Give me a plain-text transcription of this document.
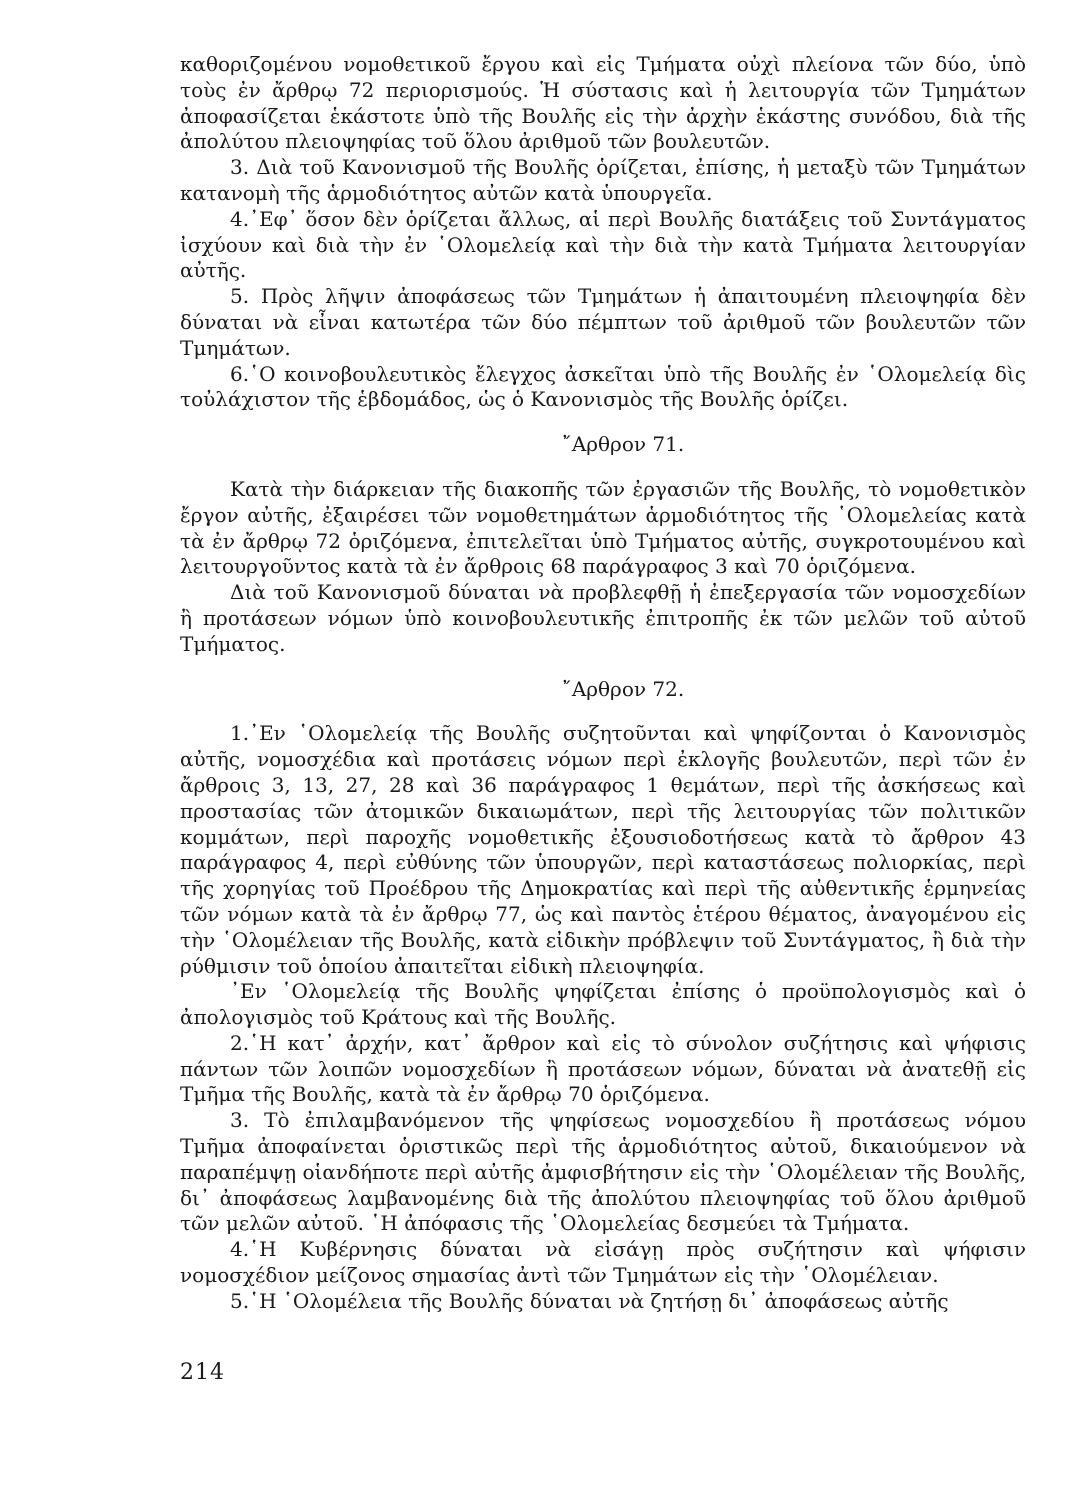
καθοριζομένου νομοθετικοῦ ἔργου καὶ εἰς Τμήματα οὐχὶ πλείονα τῶν δύο, ὑπὸ τοὺς ἐν ἄρθρῳ 72 περιορισμούς. Ἡ σύστασις καὶ ἡ λειτουργία τῶν Τμημάτων ἀποφασίζεται ἑκάστοτε ὑπὸ τῆς Βουλῆς εἰς τὴν ἀρχὴν ἑκάστης συνόδου, διὰ τῆς ἀπολύτου πλειοψηφίας τοῦ ὅλου ἀριθμοῦ τῶν βουλευτῶν.

3. Διὰ τοῦ Κανονισμοῦ τῆς Βουλῆς ὁρίζεται, ἐπίσης, ἡ μεταξὺ τῶν Τμημάτων κατανομὴ τῆς ἁρμοδιότητος αὐτῶν κατὰ ὑπουργεῖα.

4.᾿Εφ᾿ ὅσον δὲν ὁρίζεται ἄλλως, αἱ περὶ Βουλῆς διατάξεις τοῦ Συντάγματος ἰσχύουν καὶ διὰ τὴν ἐν ῾Ολομελείᾳ καὶ τὴν διὰ τὴν κατὰ Τμήματα λειτουργίαν αὐτῆς.

5. Πρὸς λῆψιν ἀποφάσεως τῶν Τμημάτων ἡ ἀπαιτουμένη πλειοψηφία δὲν δύναται νὰ εἶναι κατωτέρα τῶν δύο πέμπτων τοῦ ἀριθμοῦ τῶν βουλευτῶν τῶν Τμημάτων.

6.῾Ο κοινοβουλευτικὸς ἔλεγχος ἀσκεῖται ὑπὸ τῆς Βουλῆς ἐν ῾Ολομελείᾳ δὶς τοὐλάχιστον τῆς ἑβδομάδος, ὡς ὁ Κανονισμὸς τῆς Βουλῆς ὁρίζει.

῎Αρθρον 71.

Κατὰ τὴν διάρκειαν τῆς διακοπῆς τῶν ἐργασιῶν τῆς Βουλῆς, τὸ νομοθετικὸν ἔργον αὐτῆς, ἐξαιρέσει τῶν νομοθετημάτων ἁρμοδιότητος τῆς ῾Ολομελείας κατὰ τὰ ἐν ἄρθρῳ 72 ὁριζόμενα, ἐπιτελεῖται ὑπὸ Τμήματος αὐτῆς, συγκροτουμένου καὶ λειτουργοῦντος κατὰ τὰ ἐν ἄρθροις 68 παράγραφος 3 καὶ 70 ὁριζόμενα.

Διὰ τοῦ Κανονισμοῦ δύναται νὰ προβλεφθῇ ἡ ἐπεξεργασία τῶν νομοσχεδίων ἢ προτάσεων νόμων ὑπὸ κοινοβουλευτικῆς ἐπιτροπῆς ἐκ τῶν μελῶν τοῦ αὐτοῦ Τμήματος.

῎Αρθρον 72.

1.᾿Εν ῾Ολομελείᾳ τῆς Βουλῆς συζητοῦνται καὶ ψηφίζονται ὁ Κανονισμὸς αὐτῆς, νομοσχέδια καὶ προτάσεις νόμων περὶ ἐκλογῆς βουλευτῶν, περὶ τῶν ἐν ἄρθροις 3, 13, 27, 28 καὶ 36 παράγραφος 1 θεμάτων, περὶ τῆς ἀσκήσεως καὶ προστασίας τῶν ἀτομικῶν δικαιωμάτων, περὶ τῆς λειτουργίας τῶν πολιτικῶν κομμάτων, περὶ παροχῆς νομοθετικῆς ἐξουσιοδοτήσεως κατὰ τὸ ἄρθρον 43 παράγραφος 4, περὶ εὐθύνης τῶν ὑπουργῶν, περὶ καταστάσεως πολιορκίας, περὶ τῆς χορηγίας τοῦ Προέδρου τῆς Δημοκρατίας καὶ περὶ τῆς αὐθεντικῆς ἑρμηνείας τῶν νόμων κατὰ τὰ ἐν ἄρθρῳ 77, ὡς καὶ παντὸς ἑτέρου θέματος, ἀναγομένου εἰς τὴν ῾Ολομέλειαν τῆς Βουλῆς, κατὰ εἰδικὴν πρόβλεψιν τοῦ Συντάγματος, ἢ διὰ τὴν ρύθμισιν τοῦ ὁποίου ἀπαιτεῖται εἰδικὴ πλειοψηφία.

᾿Εν ῾Ολομελείᾳ τῆς Βουλῆς ψηφίζεται ἐπίσης ὁ προϋπολογισμὸς καὶ ὁ ἀπολογισμὸς τοῦ Κράτους καὶ τῆς Βουλῆς.

2.῾Η κατ᾿ ἀρχήν, κατ᾿ ἄρθρον καὶ εἰς τὸ σύνολον συζήτησις καὶ ψήφισις πάντων τῶν λοιπῶν νομοσχεδίων ἢ προτάσεων νόμων, δύναται νὰ ἀνατεθῇ εἰς Τμῆμα τῆς Βουλῆς, κατὰ τὰ ἐν ἄρθρῳ 70 ὁριζόμενα.

3. Τὸ ἐπιλαμβανόμενον τῆς ψηφίσεως νομοσχεδίου ἢ προτάσεως νόμου Τμῆμα ἀποφαίνεται ὁριστικῶς περὶ τῆς ἁρμοδιότητος αὐτοῦ, δικαιούμενον νὰ παραπέμψῃ οἱανδήποτε περὶ αὐτῆς ἀμφισβήτησιν εἰς τὴν ῾Ολομέλειαν τῆς Βουλῆς, δι᾿ ἀποφάσεως λαμβανομένης διὰ τῆς ἀπολύτου πλειοψηφίας τοῦ ὅλου ἀριθμοῦ τῶν μελῶν αὐτοῦ. ῾Η ἀπόφασις τῆς ῾Ολομελείας δεσμεύει τὰ Τμήματα.

4.῾Η Κυβέρνησις δύναται νὰ εἰσάγῃ πρὸς συζήτησιν καὶ ψήφισιν νομοσχέδιον μείζονος σημασίας ἀντὶ τῶν Τμημάτων εἰς τὴν ῾Ολομέλειαν.

5.῾Η ῾Ολομέλεια τῆς Βουλῆς δύναται νὰ ζητήσῃ δι᾿ ἀποφάσεως αὐτῆς

214
